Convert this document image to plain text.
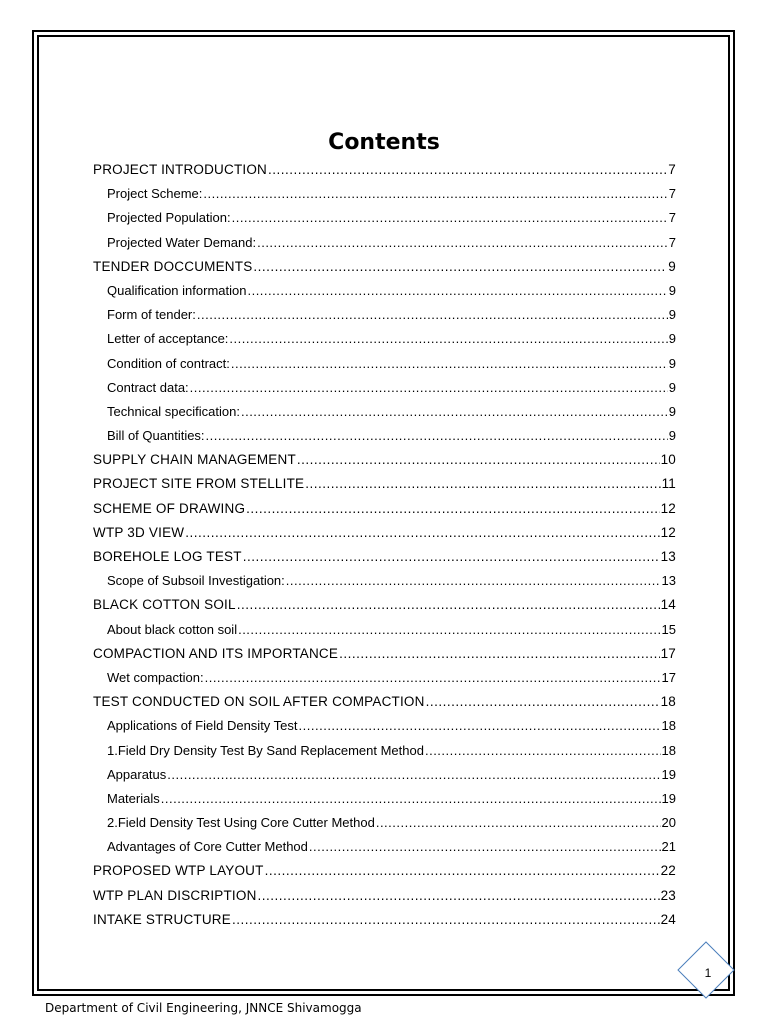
Contents
PROJECT INTRODUCTION .....	7
Project Scheme: .....	7
Projected Population: .....	7
Projected Water Demand: .....	7
TENDER DOCCUMENTS .....	9
Qualification information .....	9
Form of tender: .....	9
Letter of acceptance: .....	9
Condition of contract: .....	9
Contract data: .....	9
Technical specification: .....	9
Bill of Quantities: .....	9
SUPPLY CHAIN MANAGEMENT .....	10
PROJECT SITE FROM STELLITE .....	11
SCHEME OF DRAWING .....	12
WTP 3D VIEW .....	12
BOREHOLE LOG TEST .....	13
Scope of Subsoil Investigation: .....	13
BLACK COTTON SOIL .....	14
About black cotton soil .....	15
COMPACTION AND ITS IMPORTANCE .....	17
Wet compaction: .....	17
TEST CONDUCTED ON SOIL AFTER COMPACTION .....	18
Applications of Field Density Test .....	18
1.Field Dry Density Test By Sand Replacement Method .....	18
Apparatus .....	19
Materials .....	19
2.Field Density Test Using Core Cutter Method .....	20
Advantages of Core Cutter Method .....	21
PROPOSED WTP LAYOUT .....	22
WTP PLAN DISCRIPTION .....	23
INTAKE STRUCTURE .....	24
1
Department of Civil Engineering, JNNCE Shivamogga
